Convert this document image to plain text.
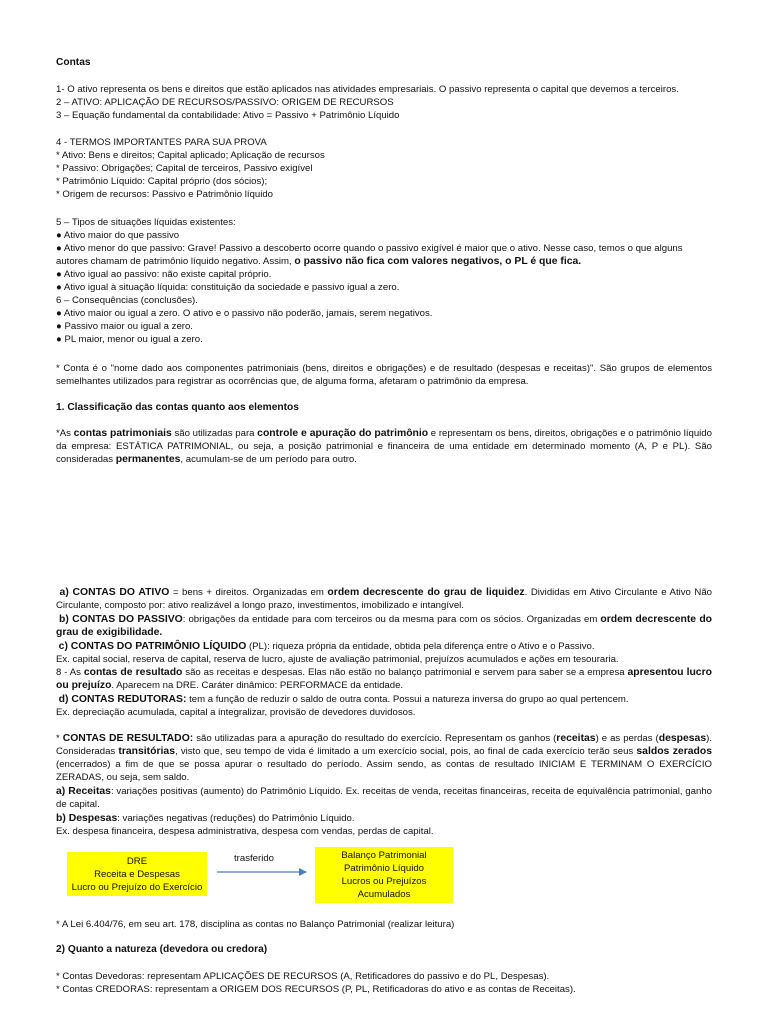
Contas

1- O ativo representa os bens e direitos que estão aplicados nas atividades empresariais. O passivo representa o capital que devemos a terceiros.

2 – ATIVO: APLICAÇÃO DE RECURSOS/PASSIVO: ORIGEM DE RECURSOS

3 – Equação fundamental da contabilidade: Ativo = Passivo + Patrimônio Líquido

4 - TERMOS IMPORTANTES PARA SUA PROVA

* Ativo: Bens e direitos; Capital aplicado; Aplicação de recursos

* Passivo: Obrigações; Capital de terceiros, Passivo exigível

* Patrimônio Líquido: Capital próprio (dos sócios);

* Origem de recursos: Passivo e Patrimônio líquido

5 – Tipos de situações líquidas existentes:

● Ativo maior do que passivo

● Ativo menor do que passivo: Grave! Passivo a descoberto ocorre quando o passivo exigível é maior que o ativo. Nesse caso, temos o que alguns autores chamam de patrimônio líquido negativo. Assim, o passivo não fica com valores negativos, o PL é que fica.

● Ativo igual ao passivo: não existe capital próprio.

● Ativo igual à situação líquida: constituição da sociedade e passivo igual a zero.

6 – Consequências (conclusões).

● Ativo maior ou igual a zero. O ativo e o passivo não poderão, jamais, serem negativos.

● Passivo maior ou igual a zero.

● PL maior, menor ou igual a zero.

* Conta é o "nome dado aos componentes patrimoniais (bens, direitos e obrigações) e de resultado (despesas e receitas)". São grupos de elementos semelhantes utilizados para registrar as ocorrências que, de alguma forma, afetaram o patrimônio da empresa.
1. Classificação das contas quanto aos elementos
*As contas patrimoniais são utilizadas para controle e apuração do patrimônio e representam os bens, direitos, obrigações e o patrimônio líquido da empresa: ESTÁTICA PATRIMONIAL, ou seja, a posição patrimonial e financeira de uma entidade em determinado momento (A, P e PL). São consideradas permanentes, acumulam-se de um período para outro.
a) CONTAS DO ATIVO = bens + direitos. Organizadas em ordem decrescente do grau de liquidez. Divididas em Ativo Circulante e Ativo Não Circulante, composto por: ativo realizável a longo prazo, investimentos, imobilizado e intangível.
b) CONTAS DO PASSIVO: obrigações da entidade para com terceiros ou da mesma para com os sócios. Organizadas em ordem decrescente do grau de exigibilidade.

c) CONTAS DO PATRIMÔNIO LÍQUIDO (PL): riqueza própria da entidade, obtida pela diferença entre o Ativo e o Passivo.

Ex. capital social, reserva de capital, reserva de lucro, ajuste de avaliação patrimonial, prejuízos acumulados e ações em tesouraria.

8 - As contas de resultado são as receitas e despesas. Elas não estão no balanço patrimonial e servem para saber se a empresa apresentou lucro ou prejuízo. Aparecem na DRE. Caráter dinâmico: PERFORMACE da entidade.

d) CONTAS REDUTORAS: tem a função de reduzir o saldo de outra conta. Possui a natureza inversa do grupo ao qual pertencem.

Ex. depreciação acumulada, capital a integralizar, provisão de devedores duvidosos.

* CONTAS DE RESULTADO: são utilizadas para a apuração do resultado do exercício. Representam os ganhos (receitas) e as perdas (despesas). Consideradas transitórias, visto que, seu tempo de vida é limitado a um exercício social, pois, ao final de cada exercício terão seus saldos zerados (encerrados) a fim de que se possa apurar o resultado do período. Assim sendo, as contas de resultado INICIAM E TERMINAM O EXERCÍCIO ZERADAS, ou seja, sem saldo.
a) Receitas: variações positivas (aumento) do Patrimônio Líquido. Ex. receitas de venda, receitas financeiras, receita de equivalência patrimonial, ganho de capital.

b) Despesas: variações negativas (reduções) do Patrimônio Líquido.

Ex. despesa financeira, despesa administrativa, despesa com vendas, perdas de capital.

DRE
Receita e Despesas
Lucro ou Prejuízo do Exercício
trasferido	Balanço Patrimonial
Patrimônio Líquido
Lucros ou Prejuízos
Acumulados
* A Lei 6.404/76, em seu art. 178, disciplina as contas no Balanço Patrimonial (realizar leitura)
2) Quanto a natureza (devedora ou credora)

* Contas Devedoras: representam APLICAÇÕES DE RECURSOS (A, Retificadores do passivo e do PL, Despesas).

* Contas CREDORAS: representam a ORIGEM DOS RECURSOS (P, PL, Retificadoras do ativo e as contas de Receitas).
